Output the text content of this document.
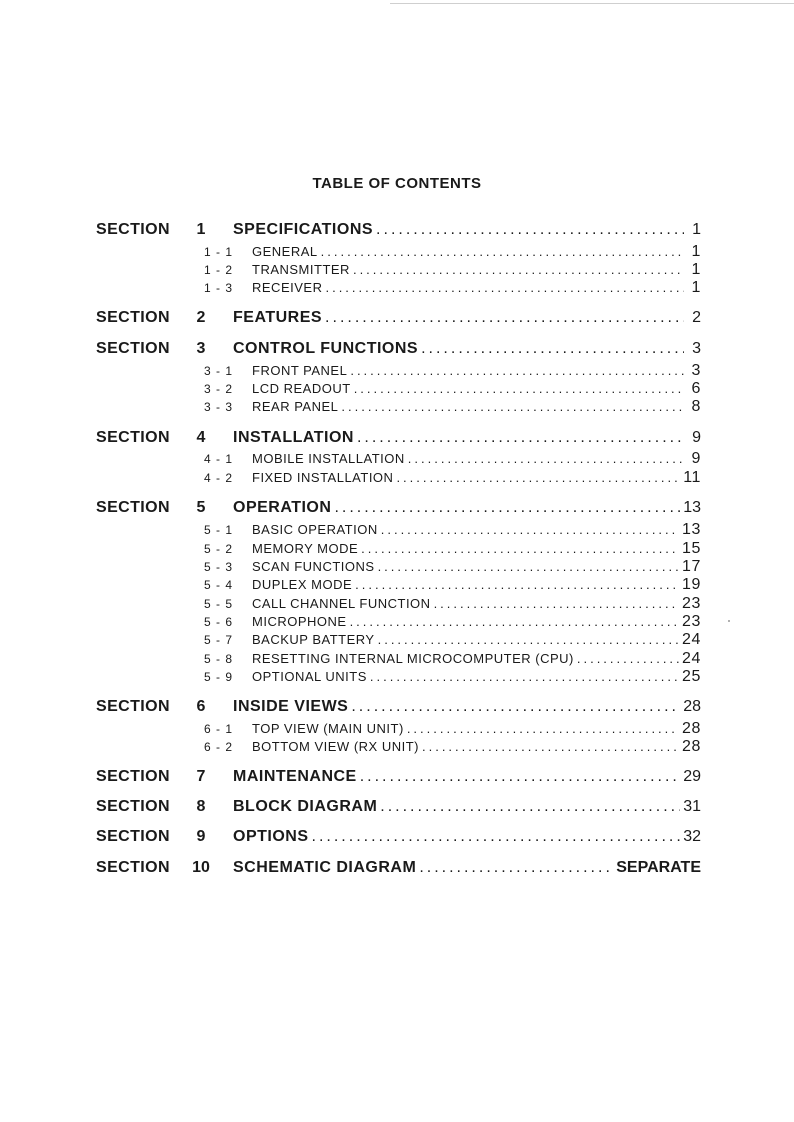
TABLE OF CONTENTS
SECTION	1	SPECIFICATIONS .....	1
1 - 1 GENERAL .....	1
1 - 2 TRANSMITTER .....	1
1 - 3 RECEIVER .....	1
SECTION	2	FEATURES .....	2
SECTION	3	CONTROL FUNCTIONS .....	3
3 - 1 FRONT PANEL .....	3
3 - 2 LCD READOUT .....	6
3 - 3 REAR PANEL .....	8
SECTION	4	INSTALLATION .....	9
4 - 1 MOBILE INSTALLATION .....	9
4 - 2 FIXED INSTALLATION .....	11
SECTION	5	OPERATION .....	13
5 - 1 BASIC OPERATION .....	13
5 - 2 MEMORY MODE .....	15
5 - 3 SCAN FUNCTIONS .....	17
5 - 4 DUPLEX MODE .....	19
5 - 5 CALL CHANNEL FUNCTION .....	23
5 - 6 MICROPHONE .....	23
5 - 7 BACKUP BATTERY .....	24
5 - 8 RESETTING INTERNAL MICROCOMPUTER (CPU) .....	24
5 - 9 OPTIONAL UNITS .....	25
SECTION	6	INSIDE VIEWS .....	28
6 - 1 TOP VIEW (MAIN UNIT) .....	28
6 - 2 BOTTOM VIEW (RX UNIT) .....	28
SECTION	7	MAINTENANCE .....	29
SECTION	8	BLOCK DIAGRAM .....	31
SECTION	9	OPTIONS .....	32
SECTION	10	SCHEMATIC DIAGRAM .....	SEPARATE
